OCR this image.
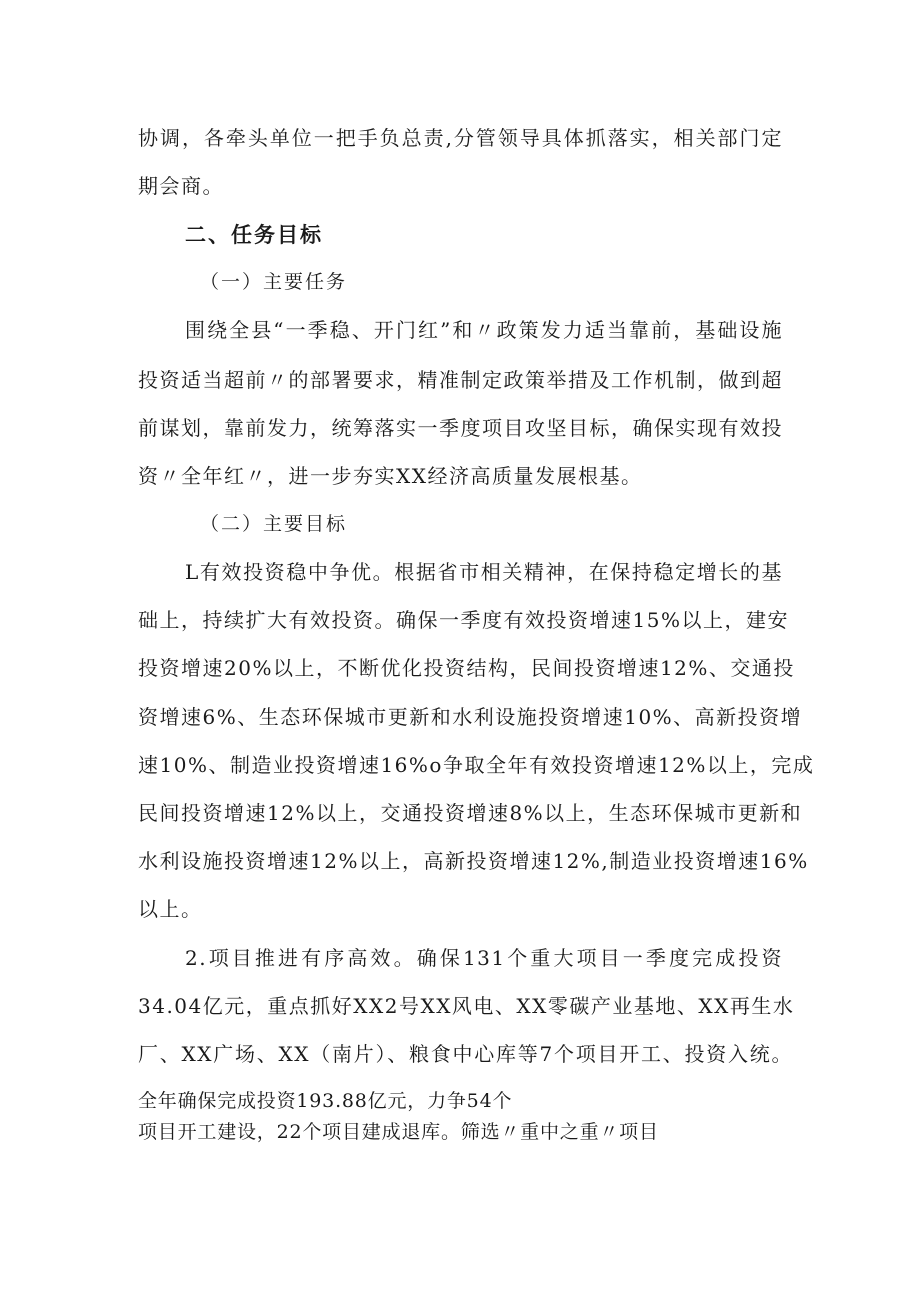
协调，各牵头单位一把手负总责,分管领导具体抓落实，相关部门定
期会商。
二、任务目标
（一）主要任务
围绕全县“一季稳、开门红”和〃政策发力适当靠前，基础设施
投资适当超前〃的部署要求，精准制定政策举措及工作机制，做到超
前谋划，靠前发力，统筹落实一季度项目攻坚目标，确保实现有效投
资〃全年红〃，进一步夯实XX经济高质量发展根基。
（二）主要目标
L有效投资稳中争优。根据省市相关精神，在保持稳定增长的基
础上，持续扩大有效投资。确保一季度有效投资增速15%以上，建安
投资增速20%以上，不断优化投资结构，民间投资增速12%、交通投
资增速6%、生态环保城市更新和水利设施投资增速10%、高新投资增
速10%、制造业投资增速16%o争取全年有效投资增速12%以上，完成
民间投资增速12%以上，交通投资增速8%以上，生态环保城市更新和
水利设施投资增速12%以上，高新投资增速12%,制造业投资增速16%
以上。
2.项目推进有序高效。确保131个重大项目一季度完成投资
34.04亿元，重点抓好XX2号XX风电、XX零碳产业基地、XX再生水
厂、XX广场、XX（南片）、粮食中心库等7个项目开工、投资入统。
全年确保完成投资193.88亿元，力争54个
项目开工建设，22个项目建成退库。筛选〃重中之重〃项目
